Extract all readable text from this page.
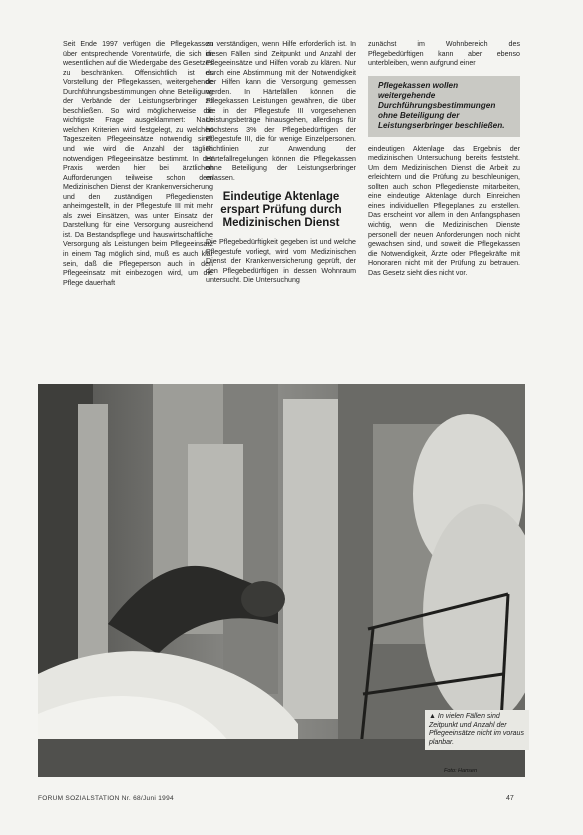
Seit Ende 1997 verfügen die Pflegekassen über entsprechende Vorentwürfe, die sich im wesentlichen auf die Wiedergabe des Gesetzes zu beschränken. Offensichtlich ist es Vorstellung der Pflegekassen, weitergehende Durchführungsbestimmungen ohne Beteiligung der Verbände der Leistungserbringer zu beschließen. So wird möglicherweise die wichtigste Frage ausgeklammert: Nach welchen Kriterien wird festgelegt, zu welchen Tageszeiten Pflegeeinsätze notwendig sind, und wie wird die Anzahl der täglich notwendigen Pflegeeinsätze bestimmt. In der Praxis werden hier bei ärztlichen Aufforderungen teilweise schon dem Medizinischen Dienst der Krankenversicherung und den zuständigen Pflegediensten anheimgestellt, in der Pflegestufe III mit mehr als zwei Einsätzen, was unter Einsatz der Darstellung für eine Versorgung ausreichend ist. Da Bestandspflege und hauswirtschaftliche Versorgung als Leistungen beim Pflegeeinsatz in einem Tag möglich sind, muß es auch klar sein, daß die Pflegeperson auch in den Pflegeeinsatz mit einbezogen wird, um die Pflege dauerhaft

zu verständigen, wenn Hilfe erforderlich ist. In diesen Fällen sind Zeitpunkt und Anzahl der Pflegeeinsätze und Hilfen vorab zu klären. Nur durch eine Abstimmung mit der Notwendigkeit der Hilfen kann die Versorgung gemessen werden. In Härtefällen können die Pflegekassen Leistungen gewähren, die über die in der Pflegestufe III vorgesehenen Leistungsbeträge hinausgehen, allerdings für höchstens 3% der Pflegebedürftigen der Pflegestufe III, die für wenige Einzelpersonen. Richtlinien zur Anwendung der Härtefallregelungen können die Pflegekassen ohne Beteiligung der Leistungserbringer erlassen.

Eindeutige Aktenlage erspart Prüfung durch Medizinischen Dienst

Die Pflegebedürftigkeit gegeben ist und welche Pflegestufe vorliegt, wird vom Medizinischen Dienst der Krankenversicherung geprüft, der den Pflegebedürftigen in dessen Wohnraum untersucht. Die Untersuchung

zunächst im Wohnbereich des Pflegebedürftigen kann aber ebenso unterbleiben, wenn aufgrund einer

Pflegekassen wollen weitergehende Durchführungsbestimmungen ohne Beteiligung der Leistungserbringer beschließen.

eindeutigen Aktenlage das Ergebnis der medizinischen Untersuchung bereits feststeht. Um dem Medizinischen Dienst die Arbeit zu erleichtern und die Prüfung zu beschleunigen, sollten auch schon Pflegedienste mitarbeiten, eine eindeutige Aktenlage durch Einreichen eines individuellen Pflegeplanes zu erstellen. Das erscheint vor allem in den Anfangsphasen wichtig, wenn die Medizinischen Dienste personell der neuen Anforderungen noch nicht gewachsen sind, und soweit die Pflegekassen die Notwendigkeit, Ärzte oder Pflegekräfte mit Honoraren nicht mit der Prüfung zu betrauen. Das Gesetz sieht dies nicht vor.

▲ In vielen Fällen sind Zeitpunkt und Anzahl der Pflegeeinsätze nicht im voraus planbar.
Foto: Hansen
FORUM SOZIALSTATION Nr. 68/Juni 1994	47
